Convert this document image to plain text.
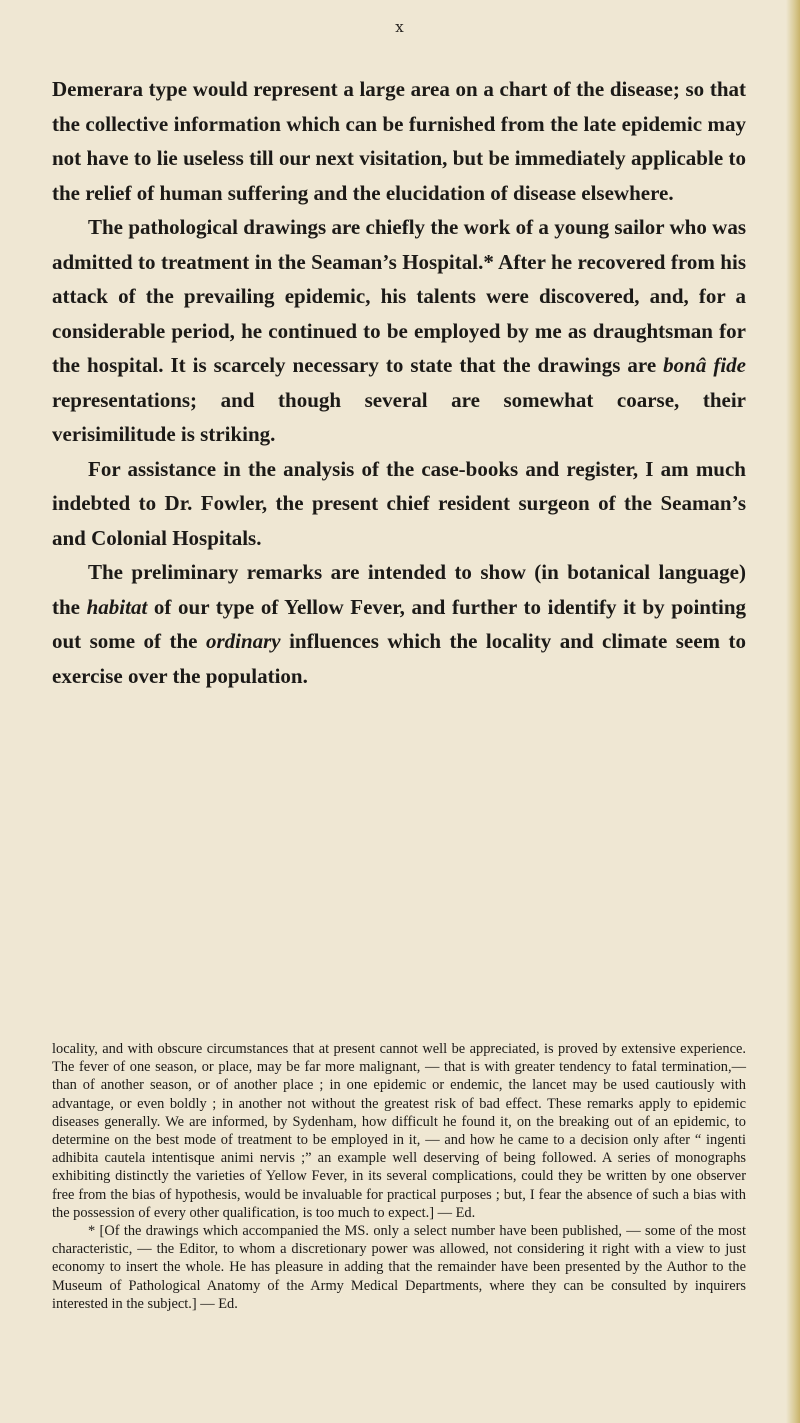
x

Demerara type would represent a large area on a chart of the disease; so that the collective information which can be furnished from the late epidemic may not have to lie useless till our next visitation, but be immediately applicable to the relief of human suffering and the elucidation of disease elsewhere.

The pathological drawings are chiefly the work of a young sailor who was admitted to treatment in the Seaman’s Hospital.* After he recovered from his attack of the prevailing epidemic, his talents were discovered, and, for a considerable period, he continued to be employed by me as draughtsman for the hospital. It is scarcely necessary to state that the drawings are bonâ fide representations; and though several are somewhat coarse, their verisimilitude is striking.

For assistance in the analysis of the case-books and register, I am much indebted to Dr. Fowler, the present chief resident surgeon of the Seaman’s and Colonial Hospitals.

The preliminary remarks are intended to show (in botanical language) the habitat of our type of Yellow Fever, and further to identify it by pointing out some of the ordinary influences which the locality and climate seem to exercise over the population.

locality, and with obscure circumstances that at present cannot well be appreciated, is proved by extensive experience. The fever of one season, or place, may be far more malignant, — that is with greater tendency to fatal termination,—than of another season, or of another place ; in one epidemic or endemic, the lancet may be used cautiously with advantage, or even boldly ; in another not without the greatest risk of bad effect. These remarks apply to epidemic diseases generally. We are informed, by Sydenham, how difficult he found it, on the breaking out of an epidemic, to determine on the best mode of treatment to be employed in it, — and how he came to a decision only after “ ingenti adhibita cautela intentisque animi nervis ;” an example well deserving of being followed. A series of monographs exhibiting distinctly the varieties of Yellow Fever, in its several complications, could they be written by one observer free from the bias of hypothesis, would be invaluable for practical purposes ; but, I fear the absence of such a bias with the possession of every other qualification, is too much to expect.] — Ed.

* [Of the drawings which accompanied the MS. only a select number have been published, — some of the most characteristic, — the Editor, to whom a discretionary power was allowed, not considering it right with a view to just economy to insert the whole. He has pleasure in adding that the remainder have been presented by the Author to the Museum of Pathological Anatomy of the Army Medical Departments, where they can be consulted by inquirers interested in the subject.] — Ed.
